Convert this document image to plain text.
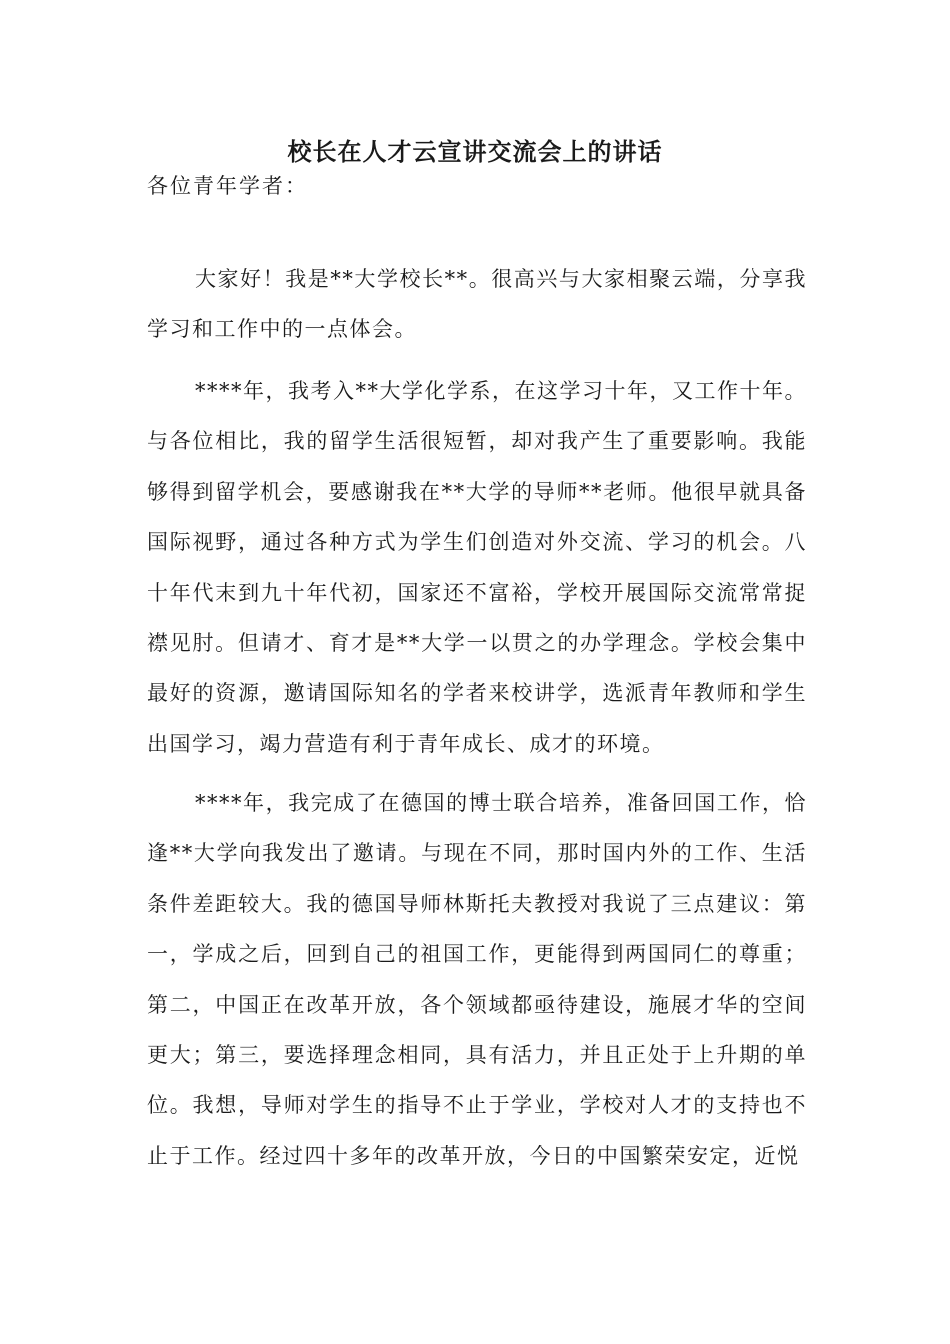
校长在人才云宣讲交流会上的讲话
各位青年学者：

大家好！我是**大学校长**。很高兴与大家相聚云端，分享我学习和工作中的一点体会。

****年，我考入**大学化学系，在这学习十年，又工作十年。与各位相比，我的留学生活很短暂，却对我产生了重要影响。我能够得到留学机会，要感谢我在**大学的导师**老师。他很早就具备国际视野，通过各种方式为学生们创造对外交流、学习的机会。八十年代末到九十年代初，国家还不富裕，学校开展国际交流常常捉襟见肘。但请才、育才是**大学一以贯之的办学理念。学校会集中最好的资源，邀请国际知名的学者来校讲学，选派青年教师和学生出国学习，竭力营造有利于青年成长、成才的环境。

****年，我完成了在德国的博士联合培养，准备回国工作，恰逢**大学向我发出了邀请。与现在不同，那时国内外的工作、生活条件差距较大。我的德国导师林斯托夫教授对我说了三点建议：第一，学成之后，回到自己的祖国工作，更能得到两国同仁的尊重；第二，中国正在改革开放，各个领域都亟待建设，施展才华的空间更大；第三，要选择理念相同，具有活力，并且正处于上升期的单位。我想，导师对学生的指导不止于学业，学校对人才的支持也不止于工作。经过四十多年的改革开放，今日的中国繁荣安定，近悦
